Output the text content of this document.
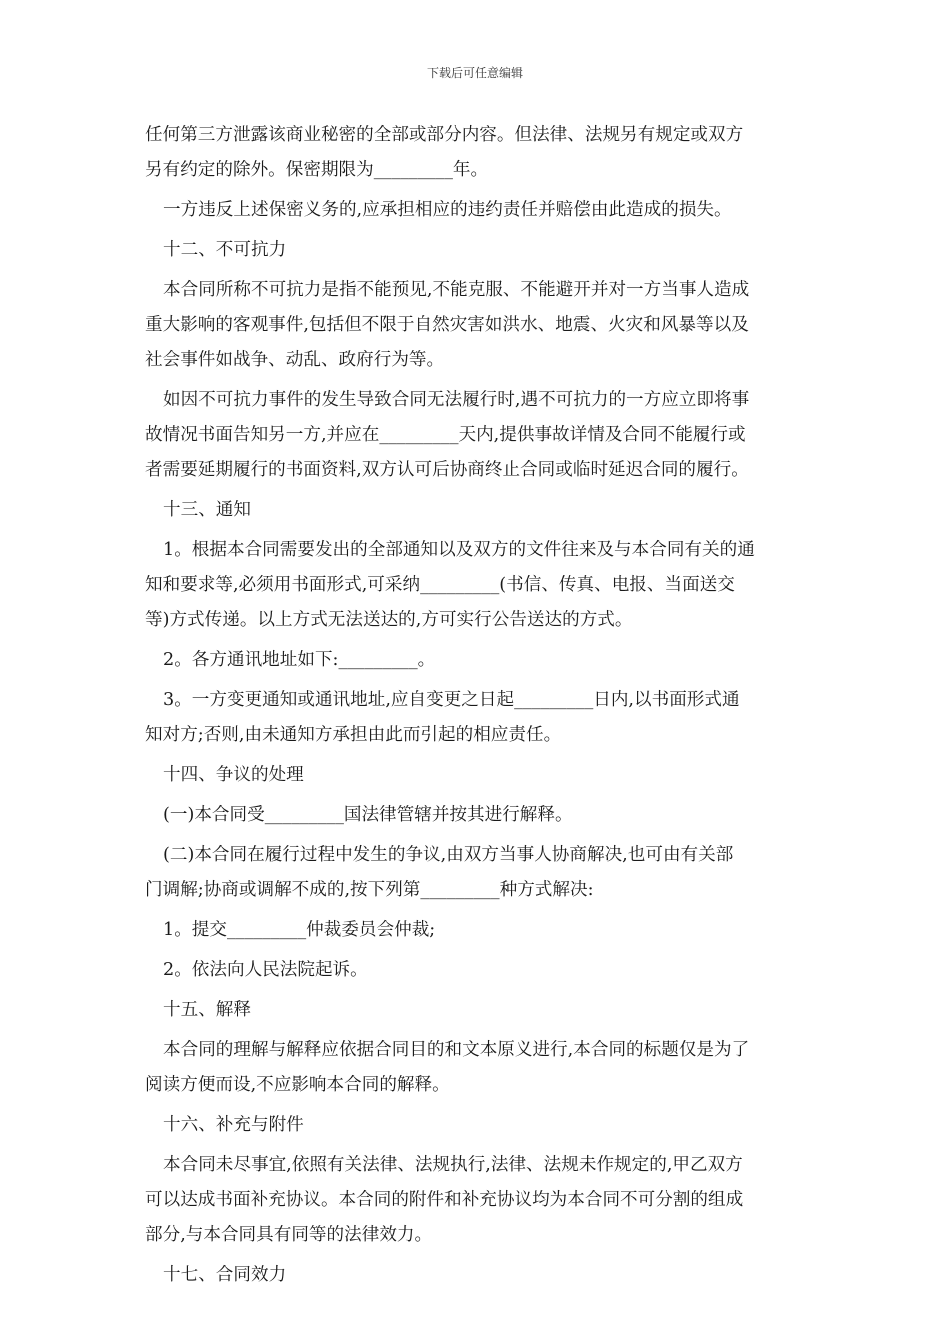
下载后可任意编辑
任何第三方泄露该商业秘密的全部或部分内容。但法律、法规另有规定或双方
另有约定的除外。保密期限为_________年。
一方违反上述保密义务的,应承担相应的违约责任并赔偿由此造成的损失。
十二、不可抗力
本合同所称不可抗力是指不能预见,不能克服、不能避开并对一方当事人造成
重大影响的客观事件,包括但不限于自然灾害如洪水、地震、火灾和风暴等以及
社会事件如战争、动乱、政府行为等。
如因不可抗力事件的发生导致合同无法履行时,遇不可抗力的一方应立即将事
故情况书面告知另一方,并应在_________天内,提供事故详情及合同不能履行或
者需要延期履行的书面资料,双方认可后协商终止合同或临时延迟合同的履行。
十三、通知
1。根据本合同需要发出的全部通知以及双方的文件往来及与本合同有关的通
知和要求等,必须用书面形式,可采纳_________(书信、传真、电报、当面送交
等)方式传递。以上方式无法送达的,方可实行公告送达的方式。
2。各方通讯地址如下:_________。
3。一方变更通知或通讯地址,应自变更之日起_________日内,以书面形式通
知对方;否则,由未通知方承担由此而引起的相应责任。
十四、争议的处理
(一)本合同受_________国法律管辖并按其进行解释。
(二)本合同在履行过程中发生的争议,由双方当事人协商解决,也可由有关部
门调解;协商或调解不成的,按下列第_________种方式解决:
1。提交_________仲裁委员会仲裁;
2。依法向人民法院起诉。
十五、解释
本合同的理解与解释应依据合同目的和文本原义进行,本合同的标题仅是为了
阅读方便而设,不应影响本合同的解释。
十六、补充与附件
本合同未尽事宜,依照有关法律、法规执行,法律、法规未作规定的,甲乙双方
可以达成书面补充协议。本合同的附件和补充协议均为本合同不可分割的组成
部分,与本合同具有同等的法律效力。
十七、合同效力
